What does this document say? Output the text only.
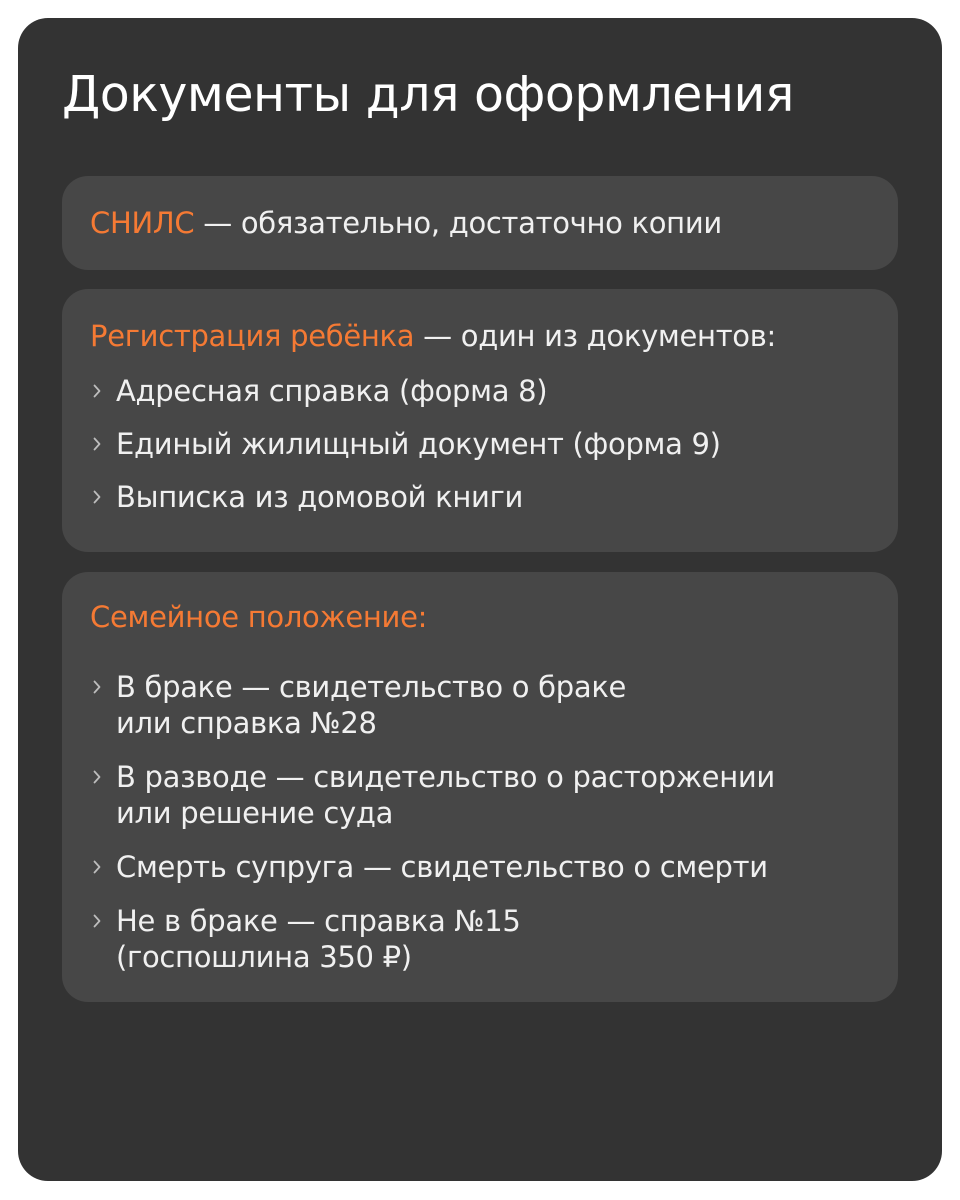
Документы для оформления
СНИЛС — обязательно, достаточно копии
Регистрация ребёнка — один из документов:
Адресная справка (форма 8)
Единый жилищный документ (форма 9)
Выписка из домовой книги
Семейное положение:
В браке — свидетельство о браке
или справка №28
В разводе — свидетельство о расторжении
или решение суда
Смерть супруга — свидетельство о смерти
Не в браке — справка №15
(госпошлина 350 ₽)
